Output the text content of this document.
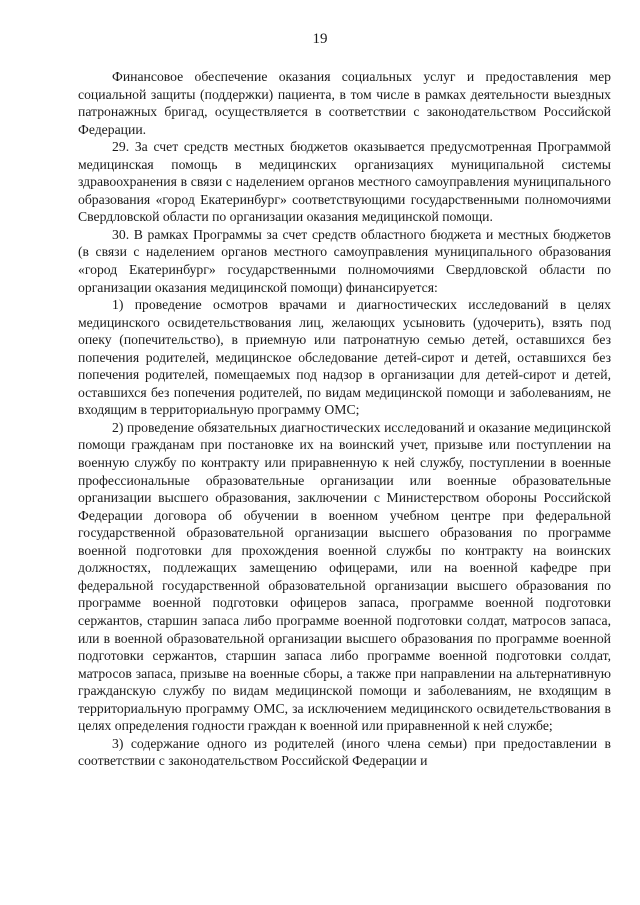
19

Финансовое обеспечение оказания социальных услуг и предоставления мер социальной защиты (поддержки) пациента, в том числе в рамках деятельности выездных патронажных бригад, осуществляется в соответствии с законодательством Российской Федерации.

29. За счет средств местных бюджетов оказывается предусмотренная Программой медицинская помощь в медицинских организациях муниципальной системы здравоохранения в связи с наделением органов местного самоуправления муниципального образования «город Екатеринбург» соответствующими государственными полномочиями Свердловской области по организации оказания медицинской помощи.

30. В рамках Программы за счет средств областного бюджета и местных бюджетов (в связи с наделением органов местного самоуправления муниципального образования «город Екатеринбург» государственными полномочиями Свердловской области по организации оказания медицинской помощи) финансируется:

1) проведение осмотров врачами и диагностических исследований в целях медицинского освидетельствования лиц, желающих усыновить (удочерить), взять под опеку (попечительство), в приемную или патронатную семью детей, оставшихся без попечения родителей, медицинское обследование детей-сирот и детей, оставшихся без попечения родителей, помещаемых под надзор в организации для детей-сирот и детей, оставшихся без попечения родителей, по видам медицинской помощи и заболеваниям, не входящим в территориальную программу ОМС;

2) проведение обязательных диагностических исследований и оказание медицинской помощи гражданам при постановке их на воинский учет, призыве или поступлении на военную службу по контракту или приравненную к ней службу, поступлении в военные профессиональные образовательные организации или военные образовательные организации высшего образования, заключении с Министерством обороны Российской Федерации договора об обучении в военном учебном центре при федеральной государственной образовательной организации высшего образования по программе военной подготовки для прохождения военной службы по контракту на воинских должностях, подлежащих замещению офицерами, или на военной кафедре при федеральной государственной образовательной организации высшего образования по программе военной подготовки офицеров запаса, программе военной подготовки сержантов, старшин запаса либо программе военной подготовки солдат, матросов запаса, или в военной образовательной организации высшего образования по программе военной подготовки сержантов, старшин запаса либо программе военной подготовки солдат, матросов запаса, призыве на военные сборы, а также при направлении на альтернативную гражданскую службу по видам медицинской помощи и заболеваниям, не входящим в территориальную программу ОМС, за исключением медицинского освидетельствования в целях определения годности граждан к военной или приравненной к ней службе;

3) содержание одного из родителей (иного члена семьи) при предоставлении в соответствии с законодательством Российской Федерации и
